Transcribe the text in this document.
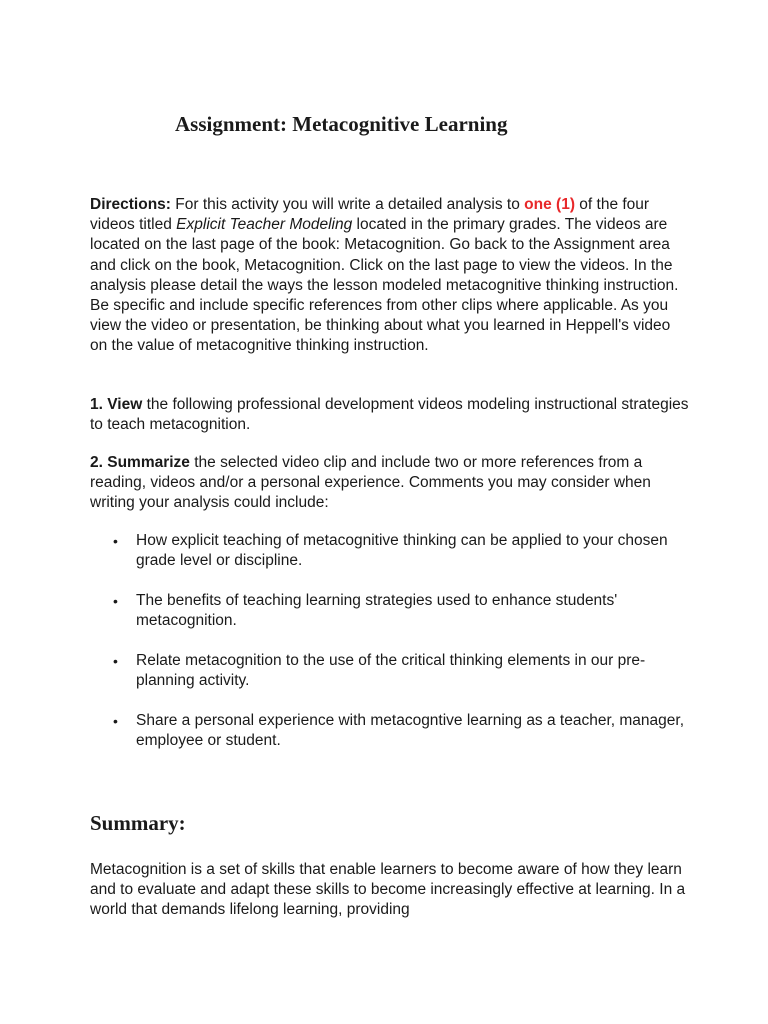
Assignment: Metacognitive Learning

Directions: For this activity you will write a detailed analysis to one (1) of the four videos titled Explicit Teacher Modeling located in the primary grades. The videos are located on the last page of the book: Metacognition. Go back to the Assignment area and click on the book, Metacognition. Click on the last page to view the videos. In the analysis please detail the ways the lesson modeled metacognitive thinking instruction. Be specific and include specific references from other clips where applicable. As you view the video or presentation, be thinking about what you learned in Heppell's video on the value of metacognitive thinking instruction.

1. View the following professional development videos modeling instructional strategies to teach metacognition.

2. Summarize the selected video clip and include two or more references from a reading, videos and/or a personal experience. Comments you may consider when writing your analysis could include:

• How explicit teaching of metacognitive thinking can be applied to your chosen grade level or discipline.
• The benefits of teaching learning strategies used to enhance students' metacognition.
• Relate metacognition to the use of the critical thinking elements in our pre-planning activity.
• Share a personal experience with metacogntive learning as a teacher, manager, employee or student.
Summary:

Metacognition is a set of skills that enable learners to become aware of how they learn and to evaluate and adapt these skills to become increasingly effective at learning. In a world that demands lifelong learning, providing
